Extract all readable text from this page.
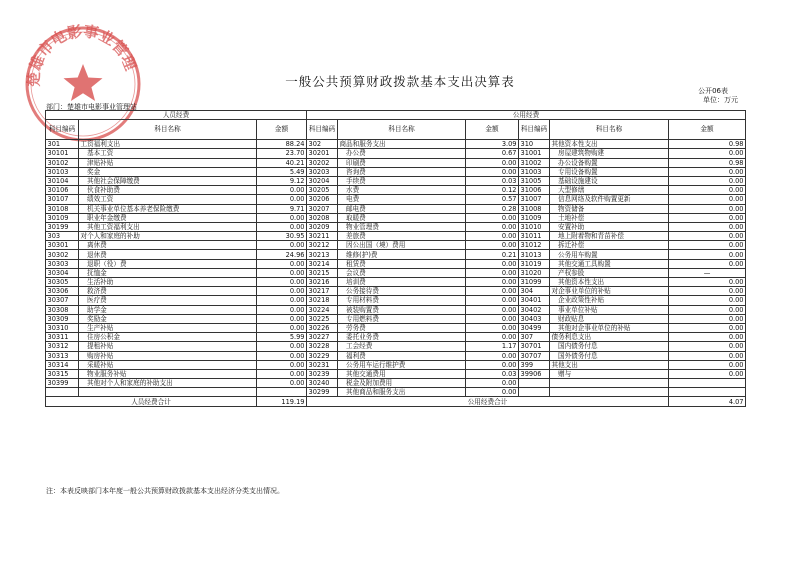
楚雄市电影事业管理
一般公共预算财政拨款基本支出决算表
公开06表
单位：万元
部门：楚雄市电影事业管理站
人员经费			公用经费					
科目编码	科目名称	金额	科目编码	科目名称	金额	科目编码	科目名称	金额
301	工资福利支出	88.24	302	商品和服务支出	3.09	310	其他资本性支出	0.98
30101	基本工资	23.70	30201	办公费	0.67	31001	房屋建筑物购建	0.00
30102	津贴补贴	40.21	30202	印刷费	0.00	31002	办公设备购置	0.98
30103	奖金	5.49	30203	咨询费	0.00	31003	专用设备购置	0.00
30104	其他社会保障缴费	9.12	30204	手续费	0.03	31005	基础设施建设	0.00
30106	伙食补助费	0.00	30205	水费	0.12	31006	大型修缮	0.00
30107	绩效工资	0.00	30206	电费	0.57	31007	信息网络及软件购置更新	0.00
30108	机关事业单位基本养老保险缴费	9.71	30207	邮电费	0.28	31008	物资储备	0.00
30109	职业年金缴费	0.00	30208	取暖费	0.00	31009	土地补偿	0.00
30199	其他工资福利支出	0.00	30209	物业管理费	0.00	31010	安置补助	0.00
303	对个人和家庭的补助	30.95	30211	差旅费	0.00	31011	地上附着物和青苗补偿	0.00
30301	离休费	0.00	30212	因公出国（境）费用	0.00	31012	拆迁补偿	0.00
30302	退休费	24.96	30213	维修(护)费	0.21	31013	公务用车购置	0.00
30303	退职（役）费	0.00	30214	租赁费	0.00	31019	其他交通工具购置	0.00
30304	抚恤金	0.00	30215	会议费	0.00	31020	产权参股	—
30305	生活补助	0.00	30216	培训费	0.00	31099	其他资本性支出	0.00
30306	救济费	0.00	30217	公务接待费	0.00	304	对企事业单位的补贴	0.00
30307	医疗费	0.00	30218	专用材料费	0.00	30401	企业政策性补贴	0.00
30308	助学金	0.00	30224	被装购置费	0.00	30402	事业单位补贴	0.00
30309	奖励金	0.00	30225	专用燃料费	0.00	30403	财政贴息	0.00
30310	生产补贴	0.00	30226	劳务费	0.00	30499	其他对企事业单位的补贴	0.00
30311	住房公积金	5.99	30227	委托业务费	0.00	307	债务利息支出	0.00
30312	提租补贴	0.00	30228	工会经费	1.17	30701	国内债务付息	0.00
30313	购房补贴	0.00	30229	福利费	0.00	30707	国外债务付息	0.00
30314	采暖补贴	0.00	30231	公务用车运行维护费	0.00	399	其他支出	0.00
30315	物业服务补贴	0.00	30239	其他交通费用	0.03	39906	赠与	0.00
30399	其他对个人和家庭的补助支出	0.00	30240	税金及附加费用	0.00			
			30299	其他商品和服务支出	0.00			
人员经费合计		119.19	公用经费合计					4.07
注：本表反映部门本年度一般公共预算财政拨款基本支出经济分类支出情况。
